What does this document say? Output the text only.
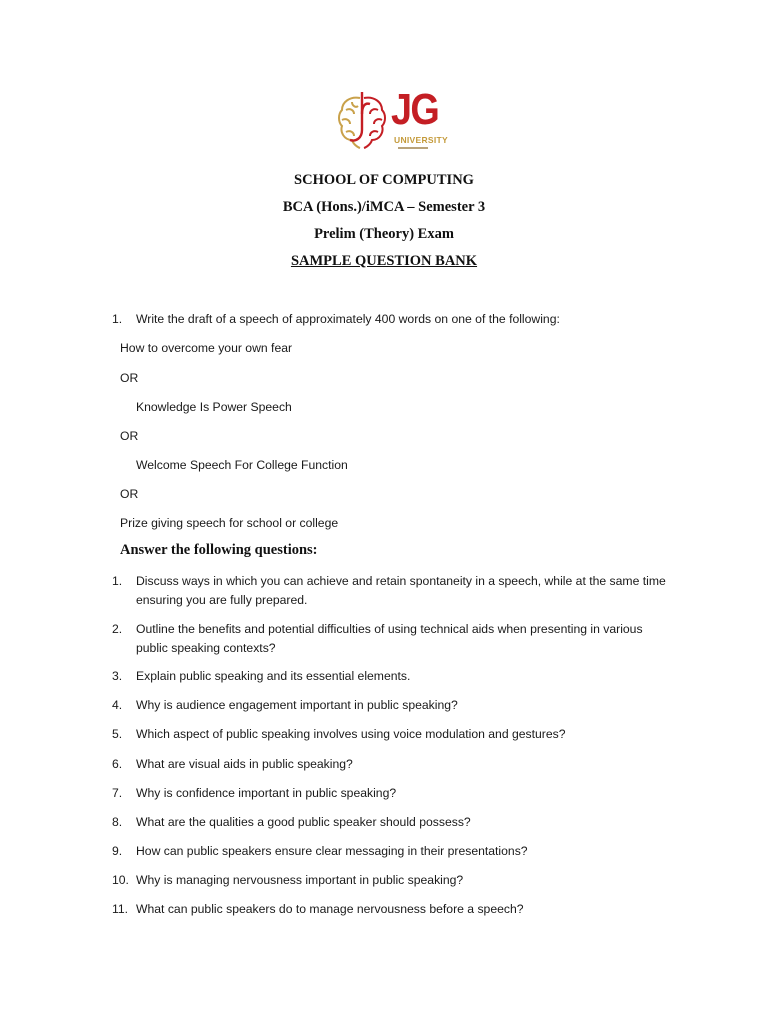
JG
UNIVERSITY
SCHOOL OF COMPUTING
BCA (Hons.)/iMCA – Semester 3
Prelim (Theory) Exam
SAMPLE QUESTION BANK
1. Write the draft of a speech of approximately 400 words on one of the following:
How to overcome your own fear
OR
Knowledge Is Power Speech
OR
Welcome Speech For College Function
OR
Prize giving speech for school or college
Answer the following questions:
1. Discuss ways in which you can achieve and retain spontaneity in a speech, while at the same time ensuring you are fully prepared.
2. Outline the benefits and potential difficulties of using technical aids when presenting in various public speaking contexts?
3. Explain public speaking and its essential elements.
4. Why is audience engagement important in public speaking?
5. Which aspect of public speaking involves using voice modulation and gestures?
6. What are visual aids in public speaking?
7. Why is confidence important in public speaking?
8. What are the qualities a good public speaker should possess?
9. How can public speakers ensure clear messaging in their presentations?
10. Why is managing nervousness important in public speaking?
11. What can public speakers do to manage nervousness before a speech?
